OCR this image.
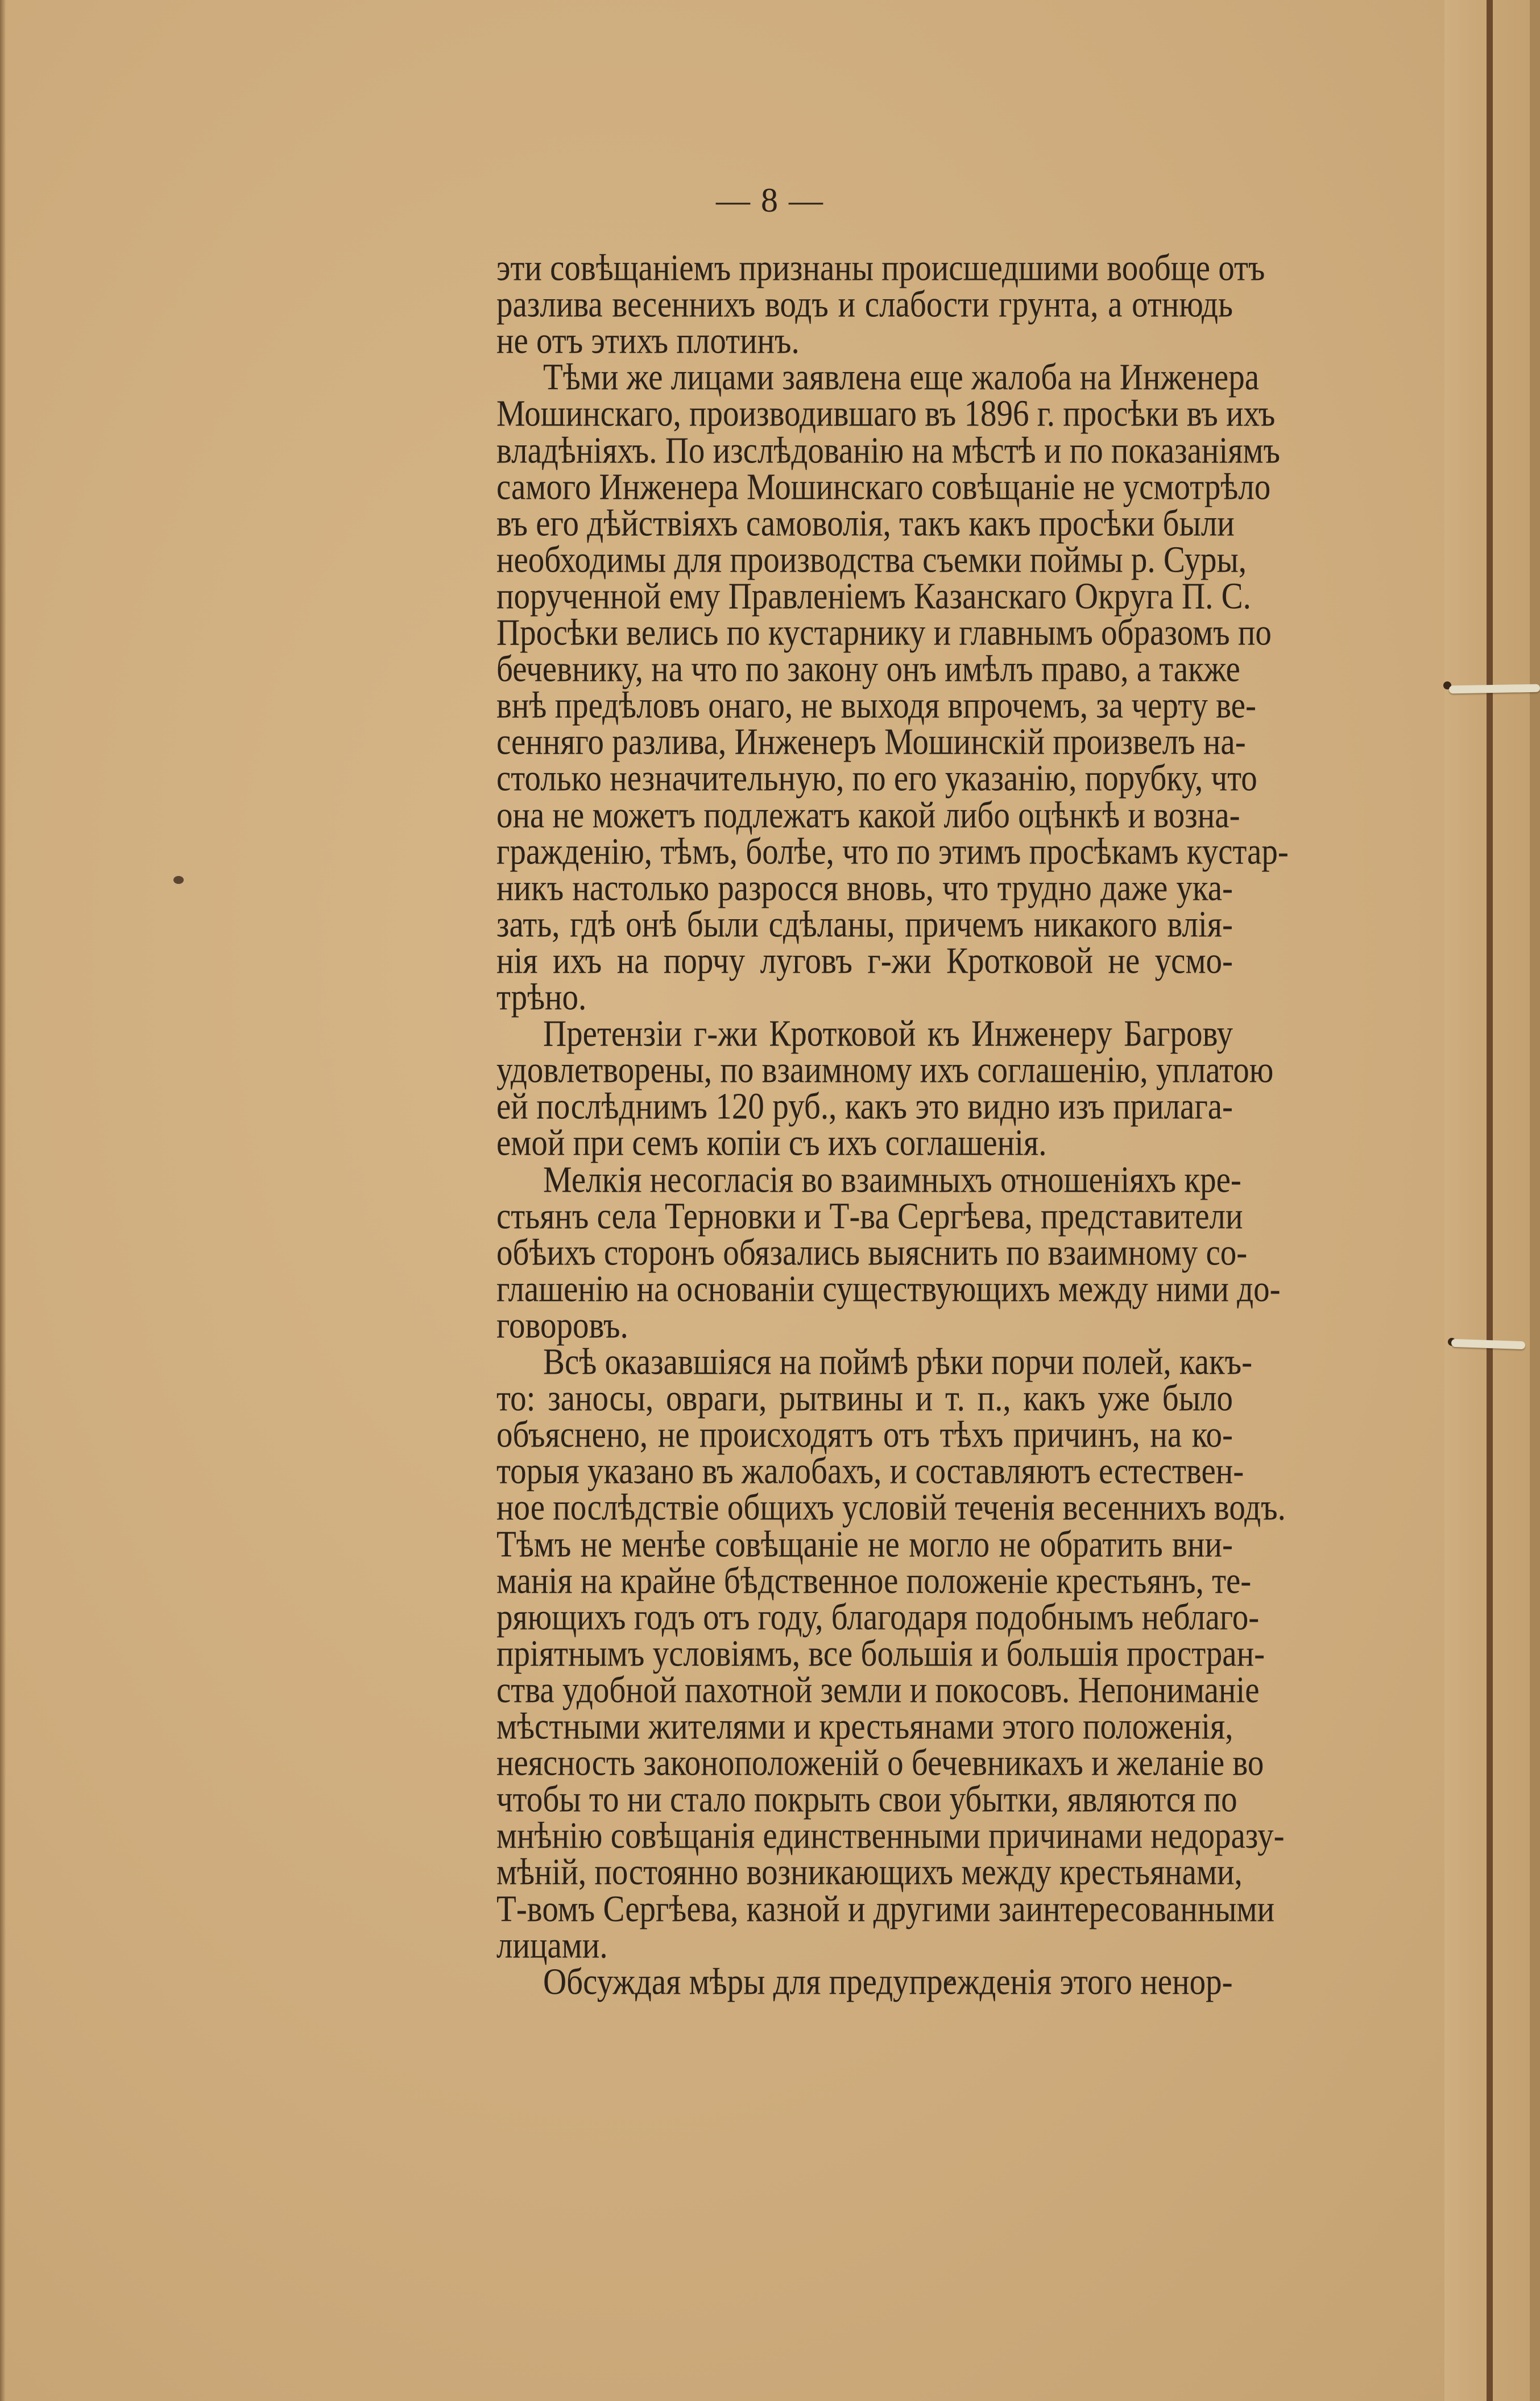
— 8 —
эти совѣщаніемъ признаны происшедшими вообще отъ
разлива весеннихъ водъ и слабости грунта, а отнюдь
не отъ этихъ плотинъ.
Тѣми же лицами заявлена еще жалоба на Инженера
Мошинскаго, производившаго въ 1896 г. просѣки въ ихъ
владѣніяхъ. По изслѣдованію на мѣстѣ и по показаніямъ
самого Инженера Мошинскаго совѣщаніе не усмотрѣло
въ его дѣйствіяхъ самоволія, такъ какъ просѣки были
необходимы для производства съемки поймы р. Суры,
порученной ему Правленіемъ Казанскаго Округа П. С.
Просѣки велись по кустарнику и главнымъ образомъ по
бечевнику, на что по закону онъ имѣлъ право, а также
внѣ предѣловъ онаго, не выходя впрочемъ, за черту ве-
сенняго разлива, Инженеръ Мошинскій произвелъ на-
столько незначительную, по его указанію, порубку, что
она не можетъ подлежатъ какой либо оцѣнкѣ и возна-
гражденію, тѣмъ, болѣе, что по этимъ просѣкамъ кустар-
никъ настолько разросся вновь, что трудно даже ука-
зать, гдѣ онѣ были сдѣланы, причемъ никакого влія-
нія ихъ на порчу луговъ г-жи Кротковой не усмо-
трѣно.
Претензіи г-жи Кротковой къ Инженеру Багрову
удовлетворены, по взаимному ихъ соглашенію, уплатою
ей послѣднимъ 120 руб., какъ это видно изъ прилага-
емой при семъ копіи съ ихъ соглашенія.
Мелкія несогласія во взаимныхъ отношеніяхъ кре-
стьянъ села Терновки и Т-ва Сергѣева, представители
обѣихъ сторонъ обязались выяснить по взаимному со-
глашенію на основаніи существующихъ между ними до-
говоровъ.
Всѣ оказавшіяся на поймѣ рѣки порчи полей, какъ-
то: заносы, овраги, рытвины и т. п., какъ уже было
объяснено, не происходятъ отъ тѣхъ причинъ, на ко-
торыя указано въ жалобахъ, и составляютъ естествен-
ное послѣдствіе общихъ условій теченія весеннихъ водъ.
Тѣмъ не менѣе совѣщаніе не могло не обратить вни-
манія на крайне бѣдственное положеніе крестьянъ, те-
ряющихъ годъ отъ году, благодаря подобнымъ неблаго-
пріятнымъ условіямъ, все большія и большія простран-
ства удобной пахотной земли и покосовъ. Непониманіе
мѣстными жителями и крестьянами этого положенія,
неясность законоположеній о бечевникахъ и желаніе во
чтобы то ни стало покрыть свои убытки, являются по
мнѣнію совѣщанія единственными причинами недоразу-
мѣній, постоянно возникающихъ между крестьянами,
Т-вомъ Сергѣева, казной и другими заинтересованными
лицами.
Обсуждая мѣры для предупрежденія этого ненор-
